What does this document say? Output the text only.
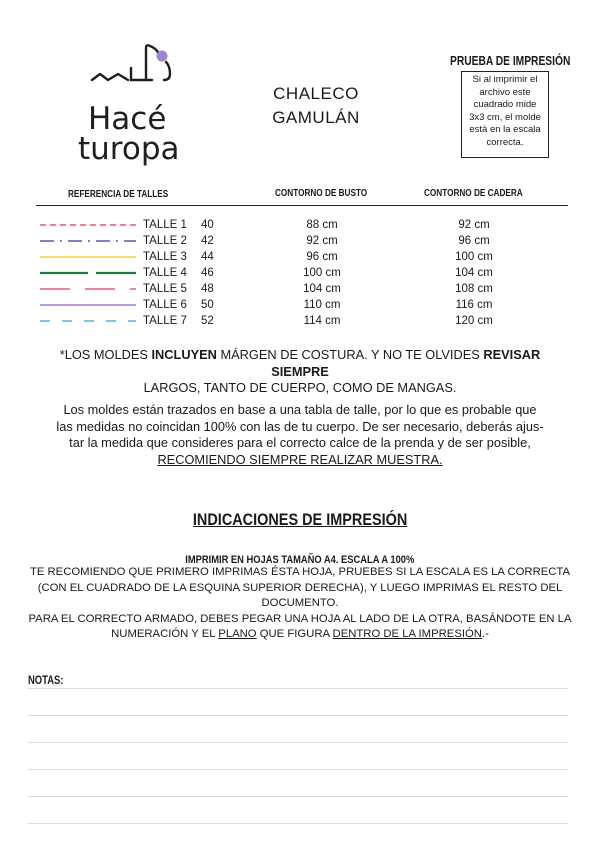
Hacé
turopa
CHALECO
GAMULÁN
PRUEBA DE IMPRESIÓN
Si al imprimir el archivo este cuadrado mide 3x3 cm, el molde está en la escala correcta.
REFERENCIA DE TALLES	CONTORNO DE BUSTO	CONTORNO DE CADERA
TALLE 1 40	88 cm	92 cm
TALLE 2 42	92 cm	96 cm
TALLE 3 44	96 cm	100 cm
TALLE 4 46	100 cm	104 cm
TALLE 5 48	104 cm	108 cm
TALLE 6 50	110 cm	116 cm
TALLE 7 52	114 cm	120 cm
*LOS MOLDES INCLUYEN MÁRGEN DE COSTURA. Y NO TE OLVIDES REVISAR SIEMPRE
LARGOS, TANTO DE CUERPO, COMO DE MANGAS.
Los moldes están trazados en base a una tabla de talle, por lo que es probable que
las medidas no coincidan 100% con las de tu cuerpo. De ser necesario, deberás ajus-
tar la medida que consideres para el correcto calce de la prenda y de ser posible,
RECOMIENDO SIEMPRE REALIZAR MUESTRA.
INDICACIONES DE IMPRESIÓN
IMPRIMIR EN HOJAS TAMAÑO A4. ESCALA A 100%
TE RECOMIENDO QUE PRIMERO IMPRIMAS ÉSTA HOJA, PRUEBES SI LA ESCALA ES LA CORRECTA
(CON EL CUADRADO DE LA ESQUINA SUPERIOR DERECHA), Y LUEGO IMPRIMAS EL RESTO DEL
DOCUMENTO.
PARA EL CORRECTO ARMADO, DEBES PEGAR UNA HOJA AL LADO DE LA OTRA, BASÁNDOTE EN LA
NUMERACIÓN Y EL PLANO QUE FIGURA DENTRO DE LA IMPRESIÓN.-
NOTAS:
